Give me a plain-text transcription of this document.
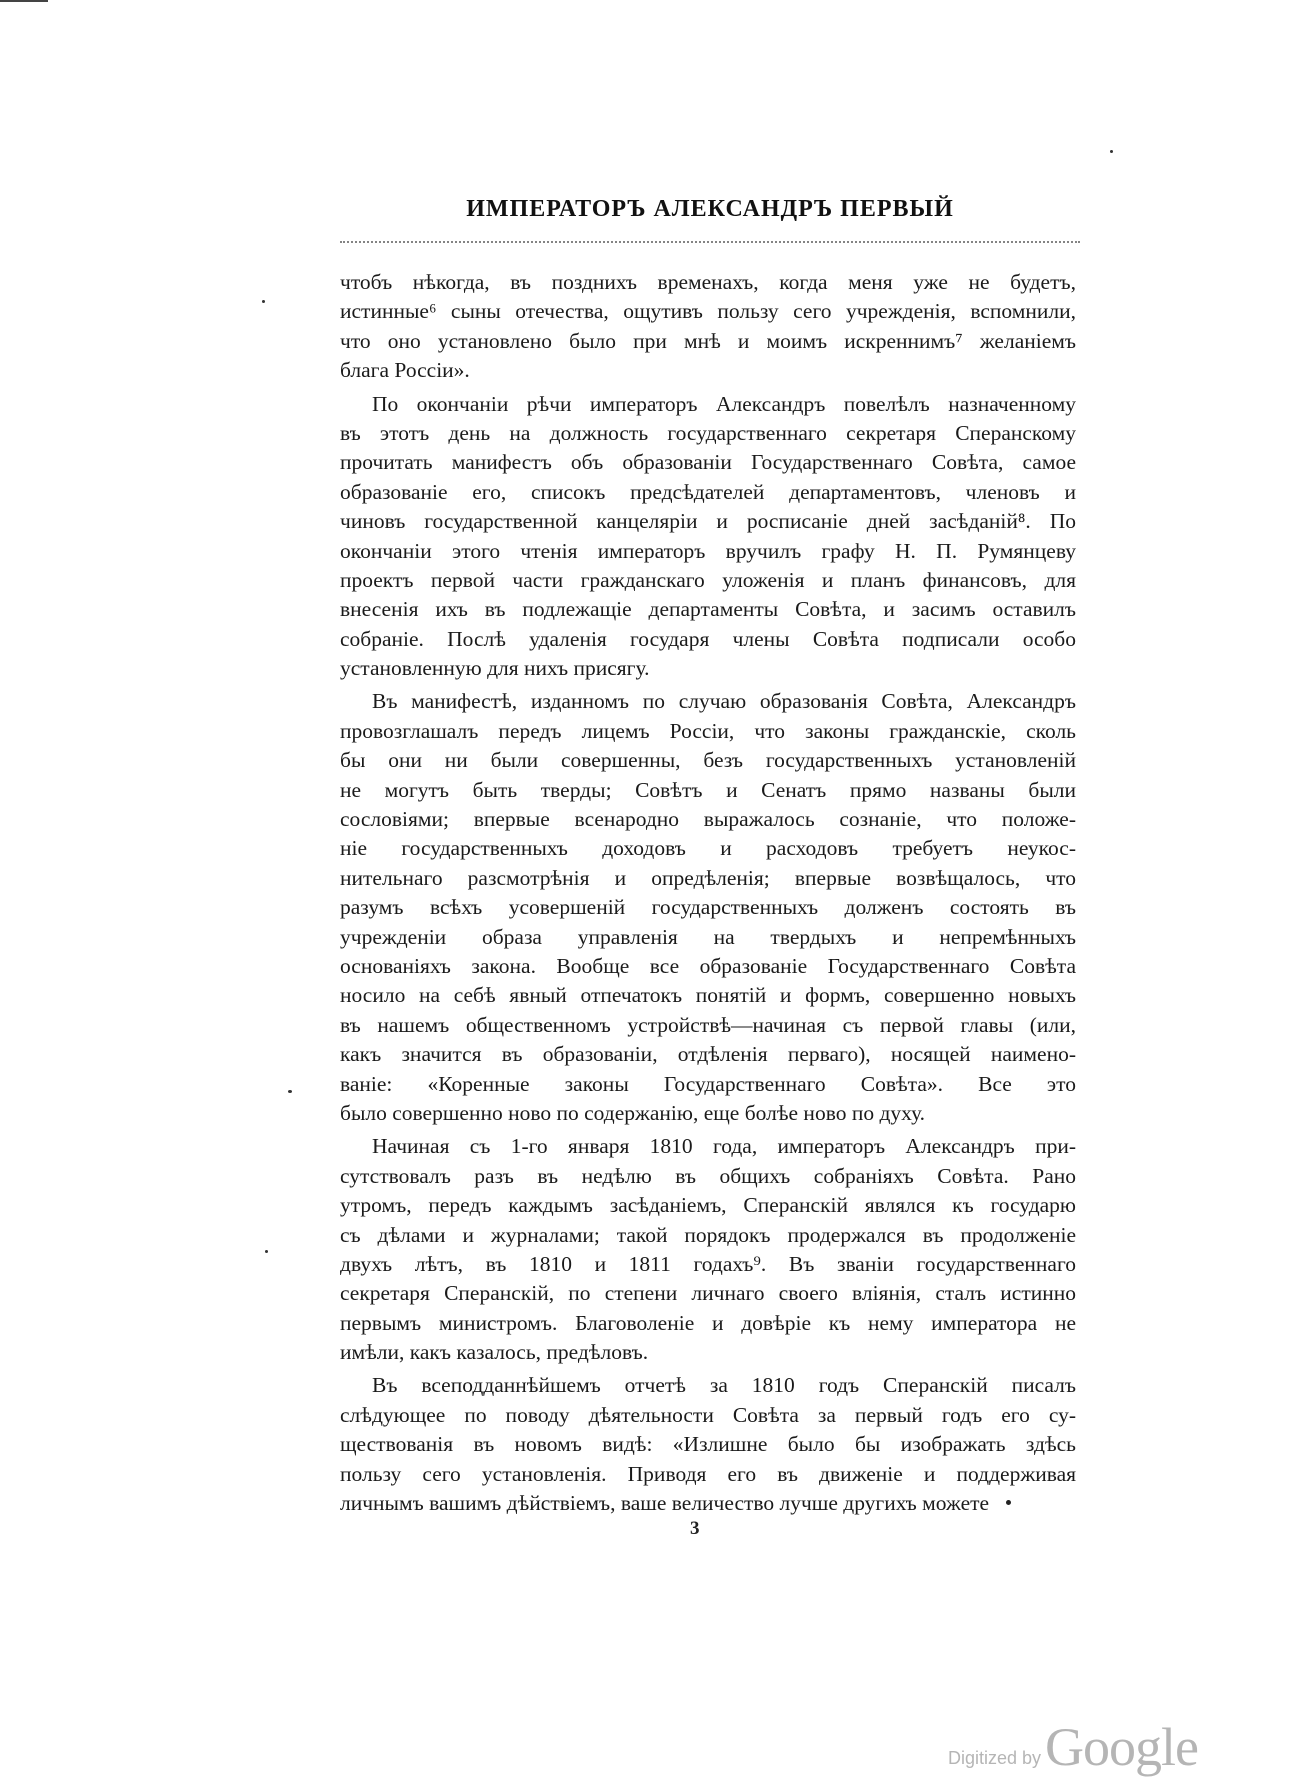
ИМПЕРАТОРЪ АЛЕКСАНДРЪ ПЕРВЫЙ
чтобъ нѣкогда, въ позднихъ временахъ, когда меня уже не будетъ,
истинные⁶ сыны отечества, ощутивъ пользу сего учрежденія, вспомнили,
что оно установлено было при мнѣ и моимъ искреннимъ⁷ желаніемъ
блага Россіи».
По окончаніи рѣчи императоръ Александръ повелѣлъ назначенному
въ этотъ день на должность государственнаго секретаря Сперанскому
прочитать манифестъ объ образованіи Государственнаго Совѣта, самое
образованіе его, списокъ предсѣдателей департаментовъ, членовъ и
чиновъ государственной канцеляріи и росписаніе дней засѣданій⁸. По
окончаніи этого чтенія императоръ вручилъ графу Н. П. Румянцеву
проектъ первой части гражданскаго уложенія и планъ финансовъ, для
внесенія ихъ въ подлежащіе департаменты Совѣта, и засимъ оставилъ
собраніе. Послѣ удаленія государя члены Совѣта подписали особо
установленную для нихъ присягу.
Въ манифестѣ, изданномъ по случаю образованія Совѣта, Александръ
провозглашалъ передъ лицемъ Россіи, что законы гражданскіе, сколь
бы они ни были совершенны, безъ государственныхъ установленій
не могутъ быть тверды; Совѣтъ и Сенатъ прямо названы были
сословіями; впервые всенародно выражалось сознаніе, что положе-
ніе государственныхъ доходовъ и расходовъ требуетъ неукос-
нительнаго разсмотрѣнія и опредѣленія; впервые возвѣщалось, что
разумъ всѣхъ усовершеній государственныхъ долженъ состоять въ
учрежденіи образа управленія на твердыхъ и непремѣнныхъ
основаніяхъ закона. Вообще все образованіе Государственнаго Совѣта
носило на себѣ явный отпечатокъ понятій и формъ, совершенно новыхъ
въ нашемъ общественномъ устройствѣ—начиная съ первой главы (или,
какъ значится въ образованіи, отдѣленія перваго), носящей наимено-
ваніе: «Коренные законы Государственнаго Совѣта». Все это
было совершенно ново по содержанію, еще болѣе ново по духу.
Начиная съ 1-го января 1810 года, императоръ Александръ при-
сутствовалъ разъ въ недѣлю въ общихъ собраніяхъ Совѣта. Рано
утромъ, передъ каждымъ засѣданіемъ, Сперанскій являлся къ государю
съ дѣлами и журналами; такой порядокъ продержался въ продолженіе
двухъ лѣтъ, въ 1810 и 1811 годахъ⁹. Въ званіи государственнаго
секретаря Сперанскій, по степени личнаго своего вліянія, сталъ истинно
первымъ министромъ. Благоволеніе и довѣріе къ нему императора не
имѣли, какъ казалось, предѣловъ.
Въ всеподданнѣйшемъ отчетѣ за 1810 годъ Сперанскій писалъ
слѣдующее по поводу дѣятельности Совѣта за первый годъ его су-
ществованія въ новомъ видѣ: «Излишне было бы изображать здѣсь
пользу сего установленія. Приводя его въ движеніе и поддерживая
личнымъ вашимъ дѣйствіемъ, ваше величество лучше другихъ можете
3
Digitized byGoogle
